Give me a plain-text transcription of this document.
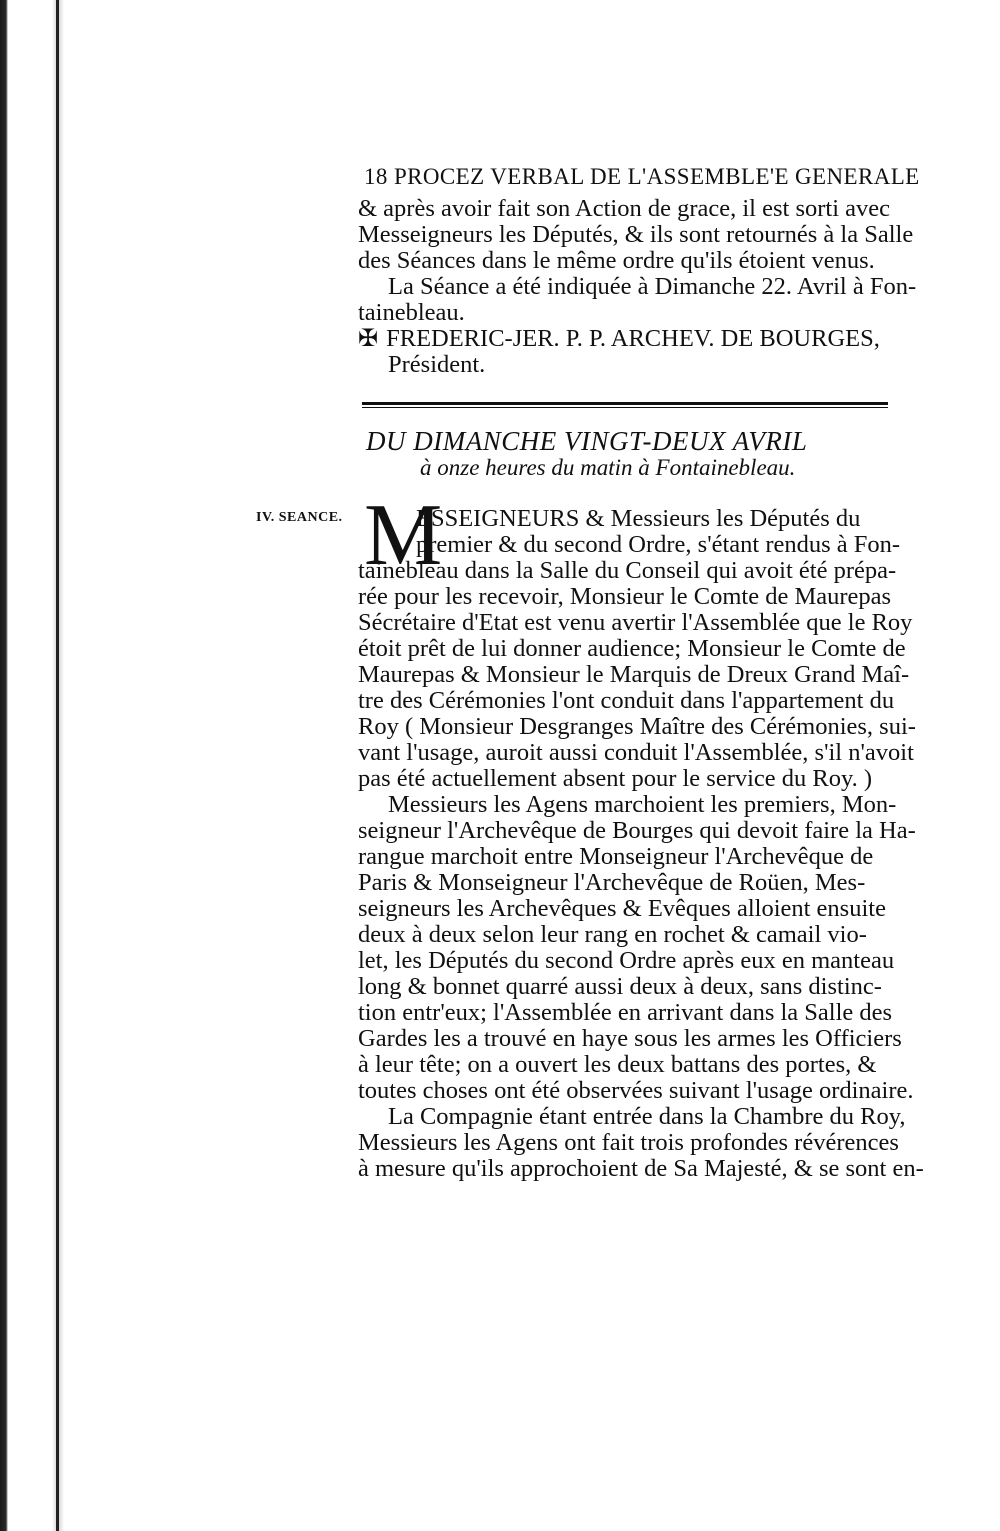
18 PROCEZ VERBAL DE L'ASSEMBLE'E GENERALE
& après avoir fait son Action de grace, il est sorti avec
Messeigneurs les Députés, & ils sont retournés à la Salle
des Séances dans le même ordre qu'ils étoient venus.
La Séance a été indiquée à Dimanche 22. Avril à Fon-
tainebleau.
✠ FREDERIC-JER. P. P. ARCHEV. DE BOURGES,
Président.
DU DIMANCHE VINGT-DEUX AVRIL
à onze heures du matin à Fontainebleau.
IV. SEANCE. M
ESSEIGNEURS & Messieurs les Députés du
premier & du second Ordre, s'étant rendus à Fon-
tainebleau dans la Salle du Conseil qui avoit été prépa-
rée pour les recevoir, Monsieur le Comte de Maurepas
Sécrétaire d'Etat est venu avertir l'Assemblée que le Roy
étoit prêt de lui donner audience; Monsieur le Comte de
Maurepas & Monsieur le Marquis de Dreux Grand Maî-
tre des Cérémonies l'ont conduit dans l'appartement du
Roy ( Monsieur Desgranges Maître des Cérémonies, sui-
vant l'usage, auroit aussi conduit l'Assemblée, s'il n'avoit
pas été actuellement absent pour le service du Roy. )
Messieurs les Agens marchoient les premiers, Mon-
seigneur l'Archevêque de Bourges qui devoit faire la Ha-
rangue marchoit entre Monseigneur l'Archevêque de
Paris & Monseigneur l'Archevêque de Roüen, Mes-
seigneurs les Archevêques & Evêques alloient ensuite
deux à deux selon leur rang en rochet & camail vio-
let, les Députés du second Ordre après eux en manteau
long & bonnet quarré aussi deux à deux, sans distinc-
tion entr'eux; l'Assemblée en arrivant dans la Salle des
Gardes les a trouvé en haye sous les armes les Officiers
à leur tête; on a ouvert les deux battans des portes, &
toutes choses ont été observées suivant l'usage ordinaire.
La Compagnie étant entrée dans la Chambre du Roy,
Messieurs les Agens ont fait trois profondes révérences
à mesure qu'ils approchoient de Sa Majesté, & se sont en-
